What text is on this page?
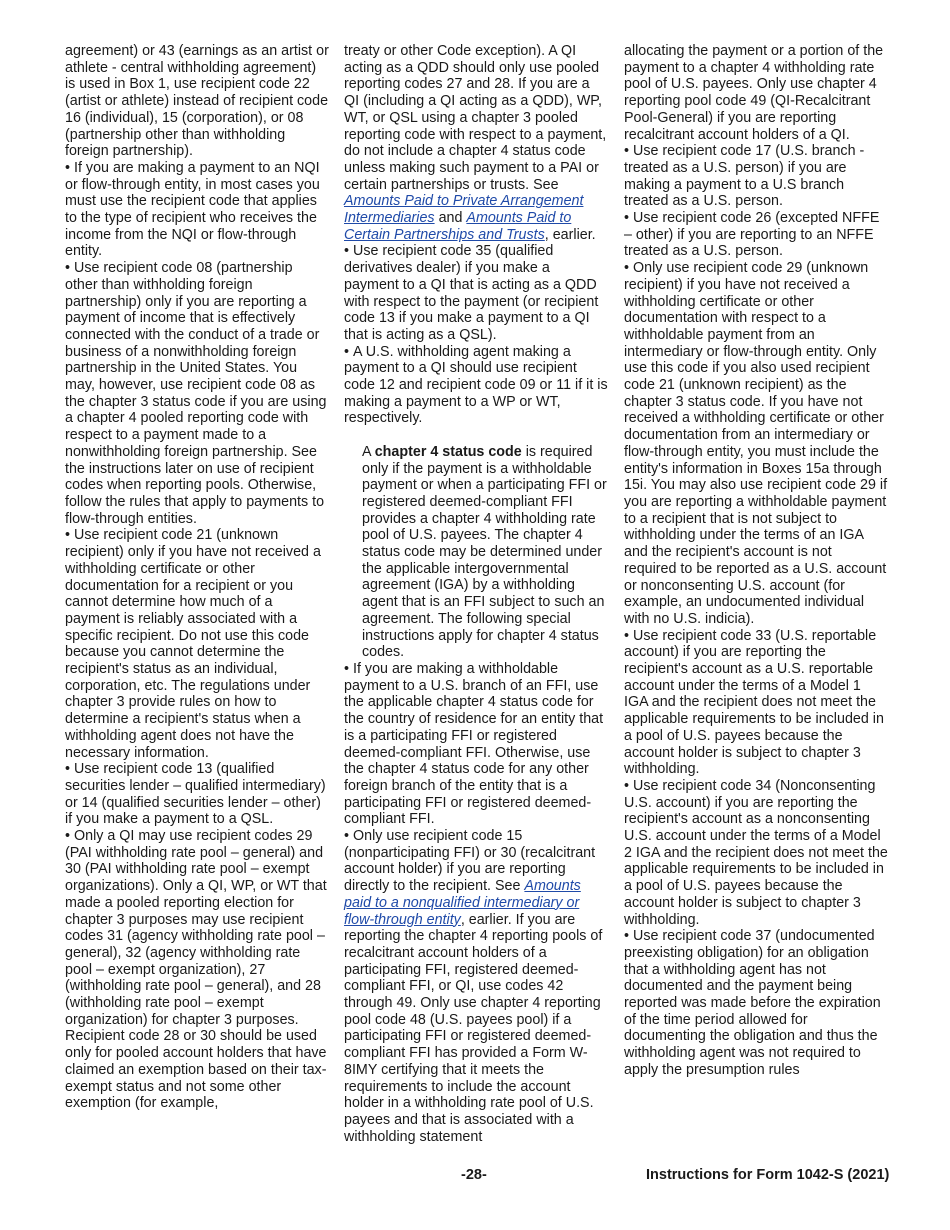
agreement) or 43 (earnings as an artist or athlete - central withholding agreement) is used in Box 1, use recipient code 22 (artist or athlete) instead of recipient code 16 (individual), 15 (corporation), or 08 (partnership other than withholding foreign partnership).

• If you are making a payment to an NQI or flow-through entity, in most cases you must use the recipient code that applies to the type of recipient who receives the income from the NQI or flow-through entity.

• Use recipient code 08 (partnership other than withholding foreign partnership) only if you are reporting a payment of income that is effectively connected with the conduct of a trade or business of a nonwithholding foreign partnership in the United States. You may, however, use recipient code 08 as the chapter 3 status code if you are using a chapter 4 pooled reporting code with respect to a payment made to a nonwithholding foreign partnership. See the instructions later on use of recipient codes when reporting pools. Otherwise, follow the rules that apply to payments to flow-through entities.

• Use recipient code 21 (unknown recipient) only if you have not received a withholding certificate or other documentation for a recipient or you cannot determine how much of a payment is reliably associated with a specific recipient. Do not use this code because you cannot determine the recipient's status as an individual, corporation, etc. The regulations under chapter 3 provide rules on how to determine a recipient's status when a withholding agent does not have the necessary information.

• Use recipient code 13 (qualified securities lender – qualified intermediary) or 14 (qualified securities lender – other) if you make a payment to a QSL.

• Only a QI may use recipient codes 29 (PAI withholding rate pool – general) and 30 (PAI withholding rate pool – exempt organizations). Only a QI, WP, or WT that made a pooled reporting election for chapter 3 purposes may use recipient codes 31 (agency withholding rate pool – general), 32 (agency withholding rate pool – exempt organization), 27 (withholding rate pool – general), and 28 (withholding rate pool – exempt organization) for chapter 3 purposes. Recipient code 28 or 30 should be used only for pooled account holders that have claimed an exemption based on their tax-exempt status and not some other exemption (for example,

treaty or other Code exception). A QI acting as a QDD should only use pooled reporting codes 27 and 28. If you are a QI (including a QI acting as a QDD), WP, WT, or QSL using a chapter 3 pooled reporting code with respect to a payment, do not include a chapter 4 status code unless making such payment to a PAI or certain partnerships or trusts. See Amounts Paid to Private Arrangement Intermediaries and Amounts Paid to Certain Partnerships and Trusts, earlier.

• Use recipient code 35 (qualified derivatives dealer) if you make a payment to a QI that is acting as a QDD with respect to the payment (or recipient code 13 if you make a payment to a QI that is acting as a QSL).

• A U.S. withholding agent making a payment to a QI should use recipient code 12 and recipient code 09 or 11 if it is making a payment to a WP or WT, respectively.

A chapter 4 status code is required only if the payment is a withholdable payment or when a participating FFI or registered deemed-compliant FFI provides a chapter 4 withholding rate pool of U.S. payees. The chapter 4 status code may be determined under the applicable intergovernmental agreement (IGA) by a withholding agent that is an FFI subject to such an agreement. The following special instructions apply for chapter 4 status codes.

• If you are making a withholdable payment to a U.S. branch of an FFI, use the applicable chapter 4 status code for the country of residence for an entity that is a participating FFI or registered deemed-compliant FFI. Otherwise, use the chapter 4 status code for any other foreign branch of the entity that is a participating FFI or registered deemed-compliant FFI.

• Only use recipient code 15 (nonparticipating FFI) or 30 (recalcitrant account holder) if you are reporting directly to the recipient. See Amounts paid to a nonqualified intermediary or flow-through entity, earlier. If you are reporting the chapter 4 reporting pools of recalcitrant account holders of a participating FFI, registered deemed-compliant FFI, or QI, use codes 42 through 49. Only use chapter 4 reporting pool code 48 (U.S. payees pool) if a participating FFI or registered deemed-compliant FFI has provided a Form W-8IMY certifying that it meets the requirements to include the account holder in a withholding rate pool of U.S. payees and that is associated with a withholding statement

allocating the payment or a portion of the payment to a chapter 4 withholding rate pool of U.S. payees. Only use chapter 4 reporting pool code 49 (QI-Recalcitrant Pool-General) if you are reporting recalcitrant account holders of a QI.

• Use recipient code 17 (U.S. branch - treated as a U.S. person) if you are making a payment to a U.S branch treated as a U.S. person.

• Use recipient code 26 (excepted NFFE – other) if you are reporting to an NFFE treated as a U.S. person.

• Only use recipient code 29 (unknown recipient) if you have not received a withholding certificate or other documentation with respect to a withholdable payment from an intermediary or flow-through entity. Only use this code if you also used recipient code 21 (unknown recipient) as the chapter 3 status code. If you have not received a withholding certificate or other documentation from an intermediary or flow-through entity, you must include the entity's information in Boxes 15a through 15i. You may also use recipient code 29 if you are reporting a withholdable payment to a recipient that is not subject to withholding under the terms of an IGA and the recipient's account is not required to be reported as a U.S. account or nonconsenting U.S. account (for example, an undocumented individual with no U.S. indicia).

• Use recipient code 33 (U.S. reportable account) if you are reporting the recipient's account as a U.S. reportable account under the terms of a Model 1 IGA and the recipient does not meet the applicable requirements to be included in a pool of U.S. payees because the account holder is subject to chapter 3 withholding.

• Use recipient code 34 (Nonconsenting U.S. account) if you are reporting the recipient's account as a nonconsenting U.S. account under the terms of a Model 2 IGA and the recipient does not meet the applicable requirements to be included in a pool of U.S. payees because the account holder is subject to chapter 3 withholding.

• Use recipient code 37 (undocumented preexisting obligation) for an obligation that a withholding agent has not documented and the payment being reported was made before the expiration of the time period allowed for documenting the obligation and thus the withholding agent was not required to apply the presumption rules

-28-	Instructions for Form 1042-S (2021)
